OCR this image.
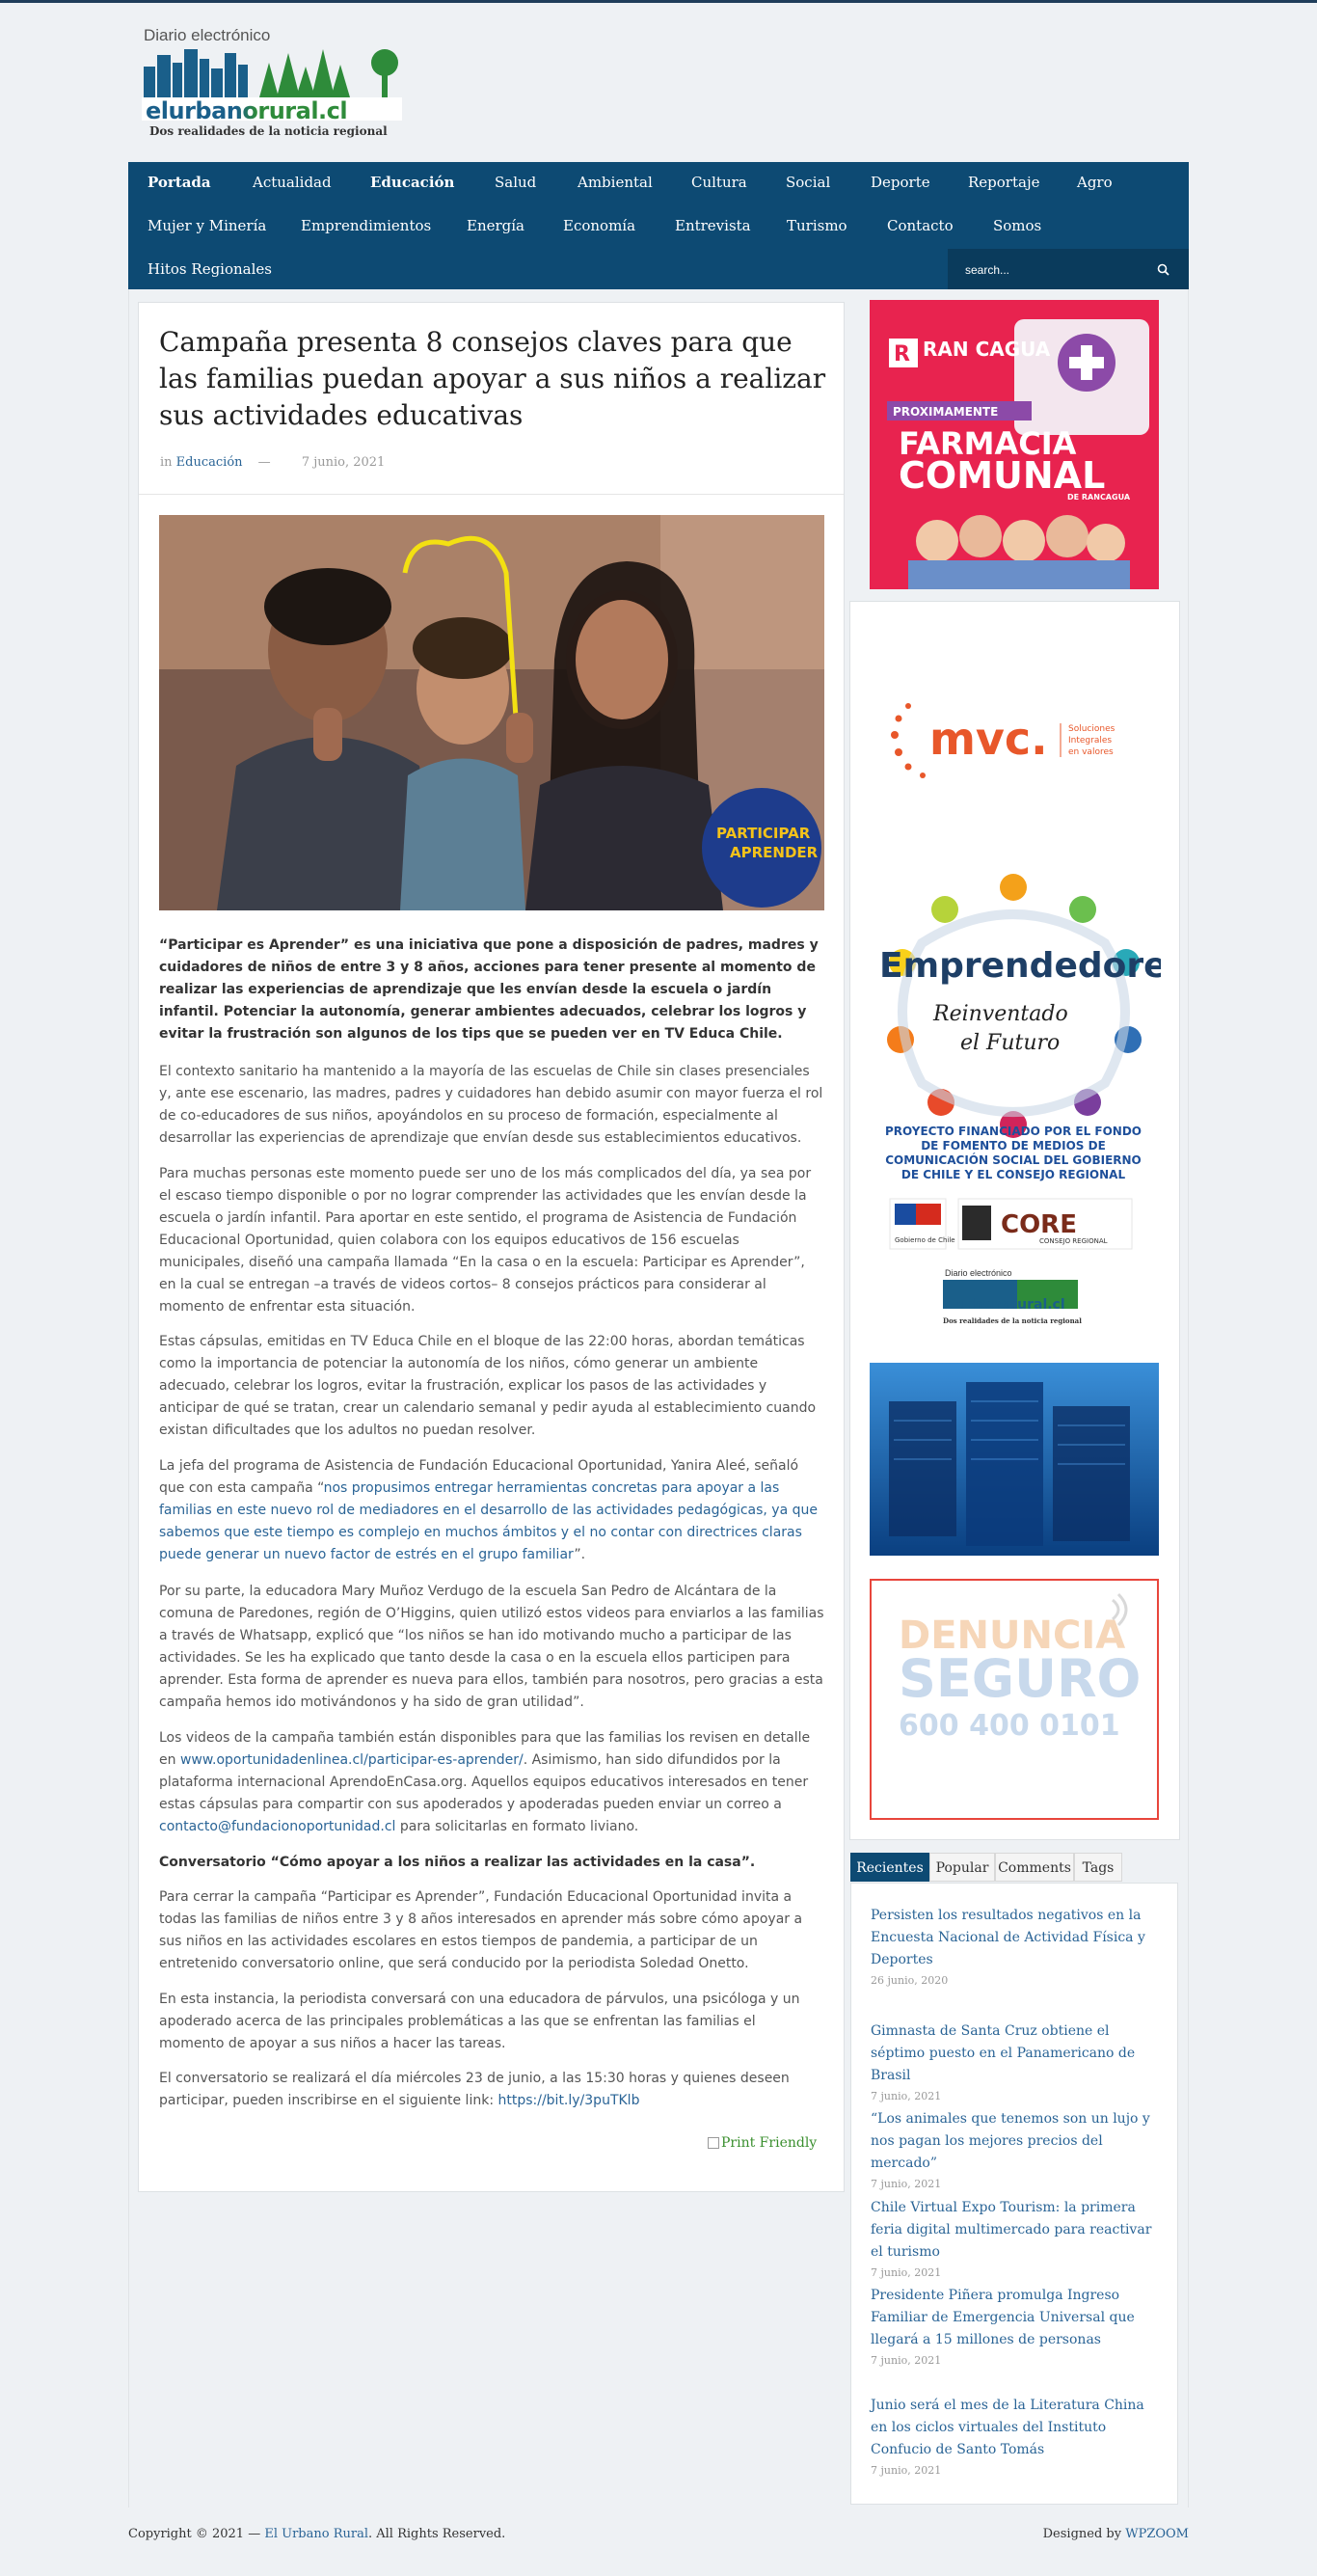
Diario electrónico
elurbanorural.cl
Dos realidades de la noticia regional
Portada	Actualidad	Educación	Salud	Ambiental	Cultura	Social	Deporte	Reportaje	Agro
Mujer y Minería Emprendimientos Energía	Economía	Entrevista Turismo	Contacto	Somos
Hitos Regionales
search...
Campaña presenta 8 consejos claves para que las familias puedan apoyar a sus niños a realizar sus actividades educativas
in Educación — 7 junio, 2021
PARTICIPAR
APRENDER

“Participar es Aprender” es una iniciativa que pone a disposición de padres, madres y cuidadores de niños de entre 3 y 8 años, acciones para tener presente al momento de realizar las experiencias de aprendizaje que les envían desde la escuela o jardín infantil. Potenciar la autonomía, generar ambientes adecuados, celebrar los logros y evitar la frustración son algunos de los tips que se pueden ver en TV Educa Chile.

El contexto sanitario ha mantenido a la mayoría de las escuelas de Chile sin clases presenciales y, ante ese escenario, las madres, padres y cuidadores han debido asumir con mayor fuerza el rol de co-educadores de sus niños, apoyándolos en su proceso de formación, especialmente al desarrollar las experiencias de aprendizaje que envían desde sus establecimientos educativos.

Para muchas personas este momento puede ser uno de los más complicados del día, ya sea por el escaso tiempo disponible o por no lograr comprender las actividades que les envían desde la escuela o jardín infantil. Para aportar en este sentido, el programa de Asistencia de Fundación Educacional Oportunidad, quien colabora con los equipos educativos de 156 escuelas municipales, diseñó una campaña llamada “En la casa o en la escuela: Participar es Aprender”, en la cual se entregan –a través de videos cortos– 8 consejos prácticos para considerar al momento de enfrentar esta situación.

Estas cápsulas, emitidas en TV Educa Chile en el bloque de las 22:00 horas, abordan temáticas como la importancia de potenciar la autonomía de los niños, cómo generar un ambiente adecuado, celebrar los logros, evitar la frustración, explicar los pasos de las actividades y anticipar de qué se tratan, crear un calendario semanal y pedir ayuda al establecimiento cuando existan dificultades que los adultos no puedan resolver.

La jefa del programa de Asistencia de Fundación Educacional Oportunidad, Yanira Aleé, señaló que con esta campaña “nos propusimos entregar herramientas concretas para apoyar a las familias en este nuevo rol de mediadores en el desarrollo de las actividades pedagógicas, ya que sabemos que este tiempo es complejo en muchos ámbitos y el no contar con directrices claras puede generar un nuevo factor de estrés en el grupo familiar”.

Por su parte, la educadora Mary Muñoz Verdugo de la escuela San Pedro de Alcántara de la comuna de Paredones, región de O’Higgins, quien utilizó estos videos para enviarlos a las familias a través de Whatsapp, explicó que “los niños se han ido motivando mucho a participar de las actividades. Se les ha explicado que tanto desde la casa o en la escuela ellos participen para aprender. Esta forma de aprender es nueva para ellos, también para nosotros, pero gracias a esta campaña hemos ido motivándonos y ha sido de gran utilidad”.

Los videos de la campaña también están disponibles para que las familias los revisen en detalle en www.oportunidadenlinea.cl/participar-es-aprender/. Asimismo, han sido difundidos por la plataforma internacional AprendoEnCasa.org. Aquellos equipos educativos interesados en tener estas cápsulas para compartir con sus apoderados y apoderadas pueden enviar un correo a contacto@fundacionoportunidad.cl para solicitarlas en formato liviano.

Conversatorio “Cómo apoyar a los niños a realizar las actividades en la casa”.

Para cerrar la campaña “Participar es Aprender”, Fundación Educacional Oportunidad invita a todas las familias de niños entre 3 y 8 años interesados en aprender más sobre cómo apoyar a sus niños en las actividades escolares en estos tiempos de pandemia, a participar de un entretenido conversatorio online, que será conducido por la periodista Soledad Onetto.

En esta instancia, la periodista conversará con una educadora de párvulos, una psicóloga y un apoderado acerca de las principales problemáticas a las que se enfrentan las familias el momento de apoyar a sus niños a hacer las tareas.

El conversatorio se realizará el día miércoles 23 de junio, a las 15:30 horas y quienes deseen participar, pueden inscribirse en el siguiente link: https://bit.ly/3puTKlb

Print Friendly
R RAN CAGUA
PROXIMAMENTE
FARMACIA
COMUNAL
DE RANCAGUA
mvc. Soluciones
Integrales
en valores
Emprendedores
Reinventado
el Futuro
PROYECTO FINANCIADO POR EL FONDO DE FOMENTO DE MEDIOS DE COMUNICACIÓN SOCIAL DEL GOBIERNO DE CHILE Y EL CONSEJO REGIONAL
Gobierno de Chile
CORE
CONSEJO REGIONAL
Diario electrónico
elurbanorural.cl
Dos realidades de la noticia regional
DENUNCIA
SEGURO
600 400 0101
Recientes Popular Comments Tags
Persisten los resultados negativos en la Encuesta Nacional de Actividad Física y Deportes
26 junio, 2020
Gimnasta de Santa Cruz obtiene el séptimo puesto en el Panamericano de Brasil
7 junio, 2021
“Los animales que tenemos son un lujo y nos pagan los mejores precios del mercado”
7 junio, 2021
Chile Virtual Expo Tourism: la primera feria digital multimercado para reactivar el turismo
7 junio, 2021
Presidente Piñera promulga Ingreso Familiar de Emergencia Universal que llegará a 15 millones de personas
7 junio, 2021
Junio será el mes de la Literatura China en los ciclos virtuales del Instituto Confucio de Santo Tomás
7 junio, 2021
Copyright © 2021 — El Urbano Rural. All Rights Reserved.	Designed by WPZOOM
